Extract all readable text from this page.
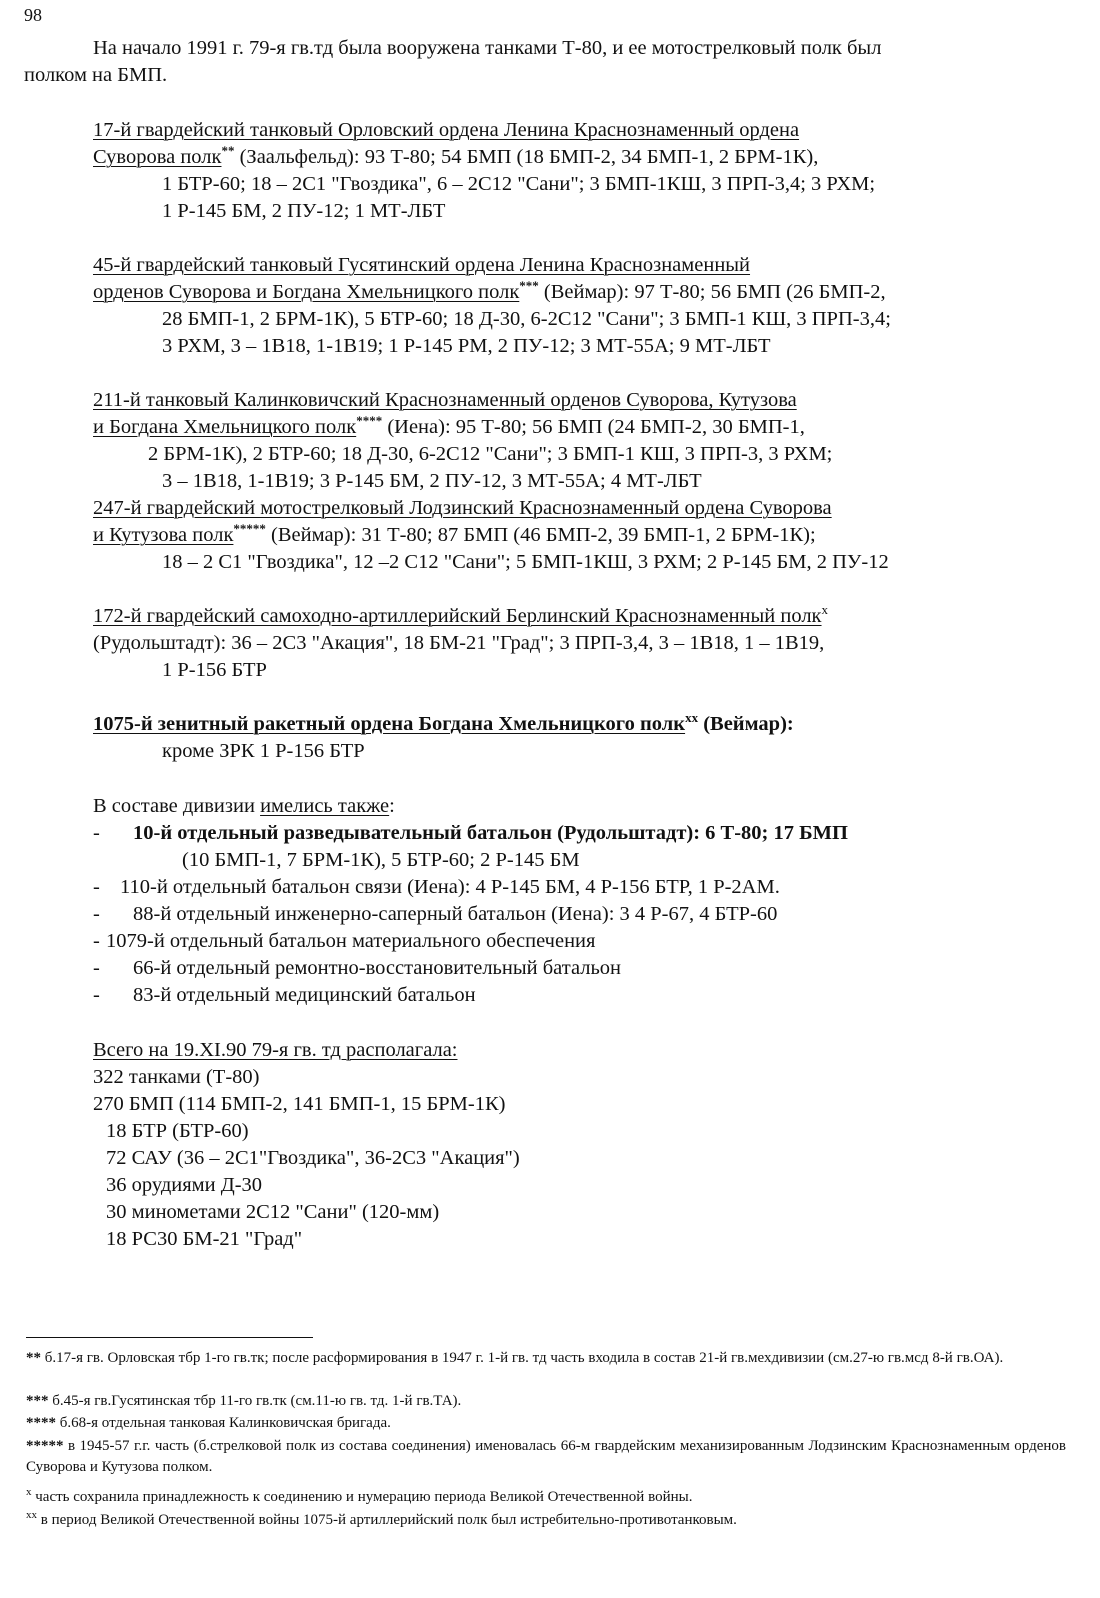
98
На начало 1991 г. 79-я гв.тд была вооружена танками Т-80, и ее мотострелковый полк был
полком на БМП.
17-й гвардейский танковый Орловский ордена Ленина Краснознаменный ордена
Суворова полк** (Заальфельд): 93 Т-80; 54 БМП (18 БМП-2, 34 БМП-1, 2 БРМ-1К),
1 БТР-60; 18 – 2С1 "Гвоздика", 6 – 2С12 "Сани"; 3 БМП-1КШ, 3 ПРП-3,4; 3 РХМ;
1 Р-145 БМ, 2 ПУ-12; 1 МТ-ЛБТ
45-й гвардейский танковый Гусятинский ордена Ленина Краснознаменный
орденов Суворова и Богдана Хмельницкого полк*** (Веймар): 97 Т-80; 56 БМП (26 БМП-2,
28 БМП-1, 2 БРМ-1К), 5 БТР-60; 18 Д-30, 6-2С12 "Сани"; 3 БМП-1 КШ, 3 ПРП-3,4;
3 РХМ, 3 – 1В18, 1-1В19; 1 Р-145 РМ, 2 ПУ-12; 3 МТ-55А; 9 МТ-ЛБТ
211-й танковый Калинковичский Краснознаменный орденов Суворова, Кутузова
и Богдана Хмельницкого полк**** (Иена): 95 Т-80; 56 БМП (24 БМП-2, 30 БМП-1,
2 БРМ-1К), 2 БТР-60; 18 Д-30, 6-2С12 "Сани"; 3 БМП-1 КШ, 3 ПРП-3, 3 РХМ;
3 – 1В18, 1-1В19; 3 Р-145 БМ, 2 ПУ-12, 3 МТ-55А; 4 МТ-ЛБТ
247-й гвардейский мотострелковый Лодзинский Краснознаменный ордена Суворова
и Кутузова полк***** (Веймар): 31 Т-80; 87 БМП (46 БМП-2, 39 БМП-1, 2 БРМ-1К);
18 – 2 С1 "Гвоздика", 12 –2 С12 "Сани"; 5 БМП-1КШ, 3 РХМ; 2 Р-145 БМ, 2 ПУ-12
172-й гвардейский самоходно-артиллерийский Берлинский Краснознаменный полк$^x$
(Рудольштадт): 36 – 2С3 "Акация", 18 БМ-21 "Град"; 3 ПРП-3,4, 3 – 1В18, 1 – 1В19,
1 Р-156 БТР
1075-й зенитный ракетный ордена Богдана Хмельницкого полк$^{xx}$ (Веймар):
кроме ЗРК 1 Р-156 БТР
В составе дивизии имелись также:
- 10-й отдельный разведывательный батальон (Рудольштадт): 6 Т-80; 17 БМП
(10 БМП-1, 7 БРМ-1К), 5 БТР-60; 2 Р-145 БМ
- 110-й отдельный батальон связи (Иена): 4 Р-145 БМ, 4 Р-156 БТР, 1 Р-2АМ.
- 88-й отдельный инженерно-саперный батальон (Иена): 3 4 Р-67, 4 БТР-60
- 1079-й отдельный батальон материального обеспечения
- 66-й отдельный ремонтно-восстановительный батальон
- 83-й отдельный медицинский батальон
Всего на 19.XI.90 79-я гв. тд располагала:
322 танками (Т-80)
270 БМП (114 БМП-2, 141 БМП-1, 15 БРМ-1К)
18 БТР (БТР-60)
72 САУ (36 – 2С1"Гвоздика", 36-2С3 "Акация")
36 орудиями Д-30
30 минометами 2С12 "Сани" (120-мм)
18 РС30 БМ-21 "Град"
** б.17-я гв. Орловская тбр 1-го гв.тк; после расформирования в 1947 г. 1-й гв. тд часть входила в состав 21-й гв.мехдивизии (см.27-ю гв.мсд 8-й гв.ОА).
*** б.45-я гв.Гусятинская тбр 11-го гв.тк (см.11-ю гв. тд. 1-й гв.ТА).
**** б.68-я отдельная танковая Калинковичская бригада.
***** в 1945-57 г.г. часть (б.стрелковой полк из состава соединения) именовалась 66-м гвардейским механизированным Лодзинским Краснознаменным орденов Суворова и Кутузова полком.
$^x$ часть сохранила принадлежность к соединению и нумерацию периода Великой Отечественной войны.
$^{xx}$ в период Великой Отечественной войны 1075-й артиллерийский полк был истребительно-противотанковым.
